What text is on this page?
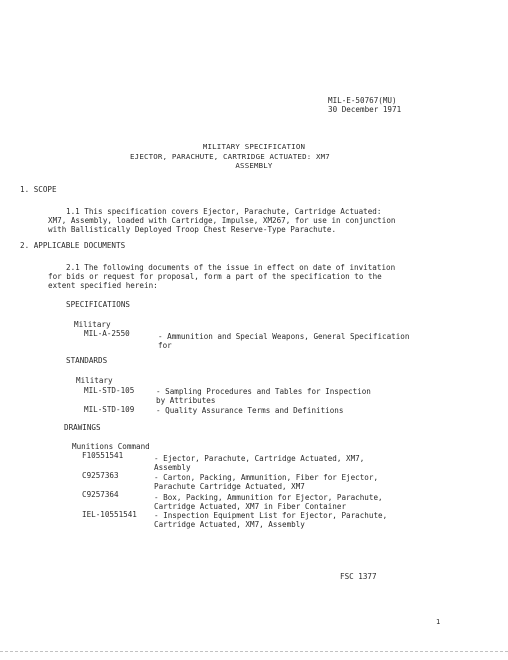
MIL-E-50767(MU)
30 December 1971
MILITARY SPECIFICATION
EJECTOR, PARACHUTE, CARTRIDGE ACTUATED: XM7
ASSEMBLY
1. SCOPE
1.1 This specification covers Ejector, Parachute, Cartridge Actuated:
XM7, Assembly, loaded with Cartridge, Impulse, XM267, for use in conjunction
with Ballistically Deployed Troop Chest Reserve-Type Parachute.
2. APPLICABLE DOCUMENTS
2.1 The following documents of the issue in effect on date of invitation
for bids or request for proposal, form a part of the specification to the
extent specified herein:
SPECIFICATIONS
Military
MIL-A-2550	- Ammunition and Special Weapons, General Specification
for
STANDARDS
Military
MIL-STD-105	- Sampling Procedures and Tables for Inspection
by Attributes
MIL-STD-109	- Quality Assurance Terms and Definitions
DRAWINGS
Munitions Command
F10551541	- Ejector, Parachute, Cartridge Actuated, XM7,
Assembly
C9257363	- Carton, Packing, Ammunition, Fiber for Ejector,
Parachute Cartridge Actuated, XM7
C9257364	- Box, Packing, Ammunition for Ejector, Parachute,
Cartridge Actuated, XM7 in Fiber Container
IEL-10551541	- Inspection Equipment List for Ejector, Parachute,
Cartridge Actuated, XM7, Assembly
FSC 1377
1
